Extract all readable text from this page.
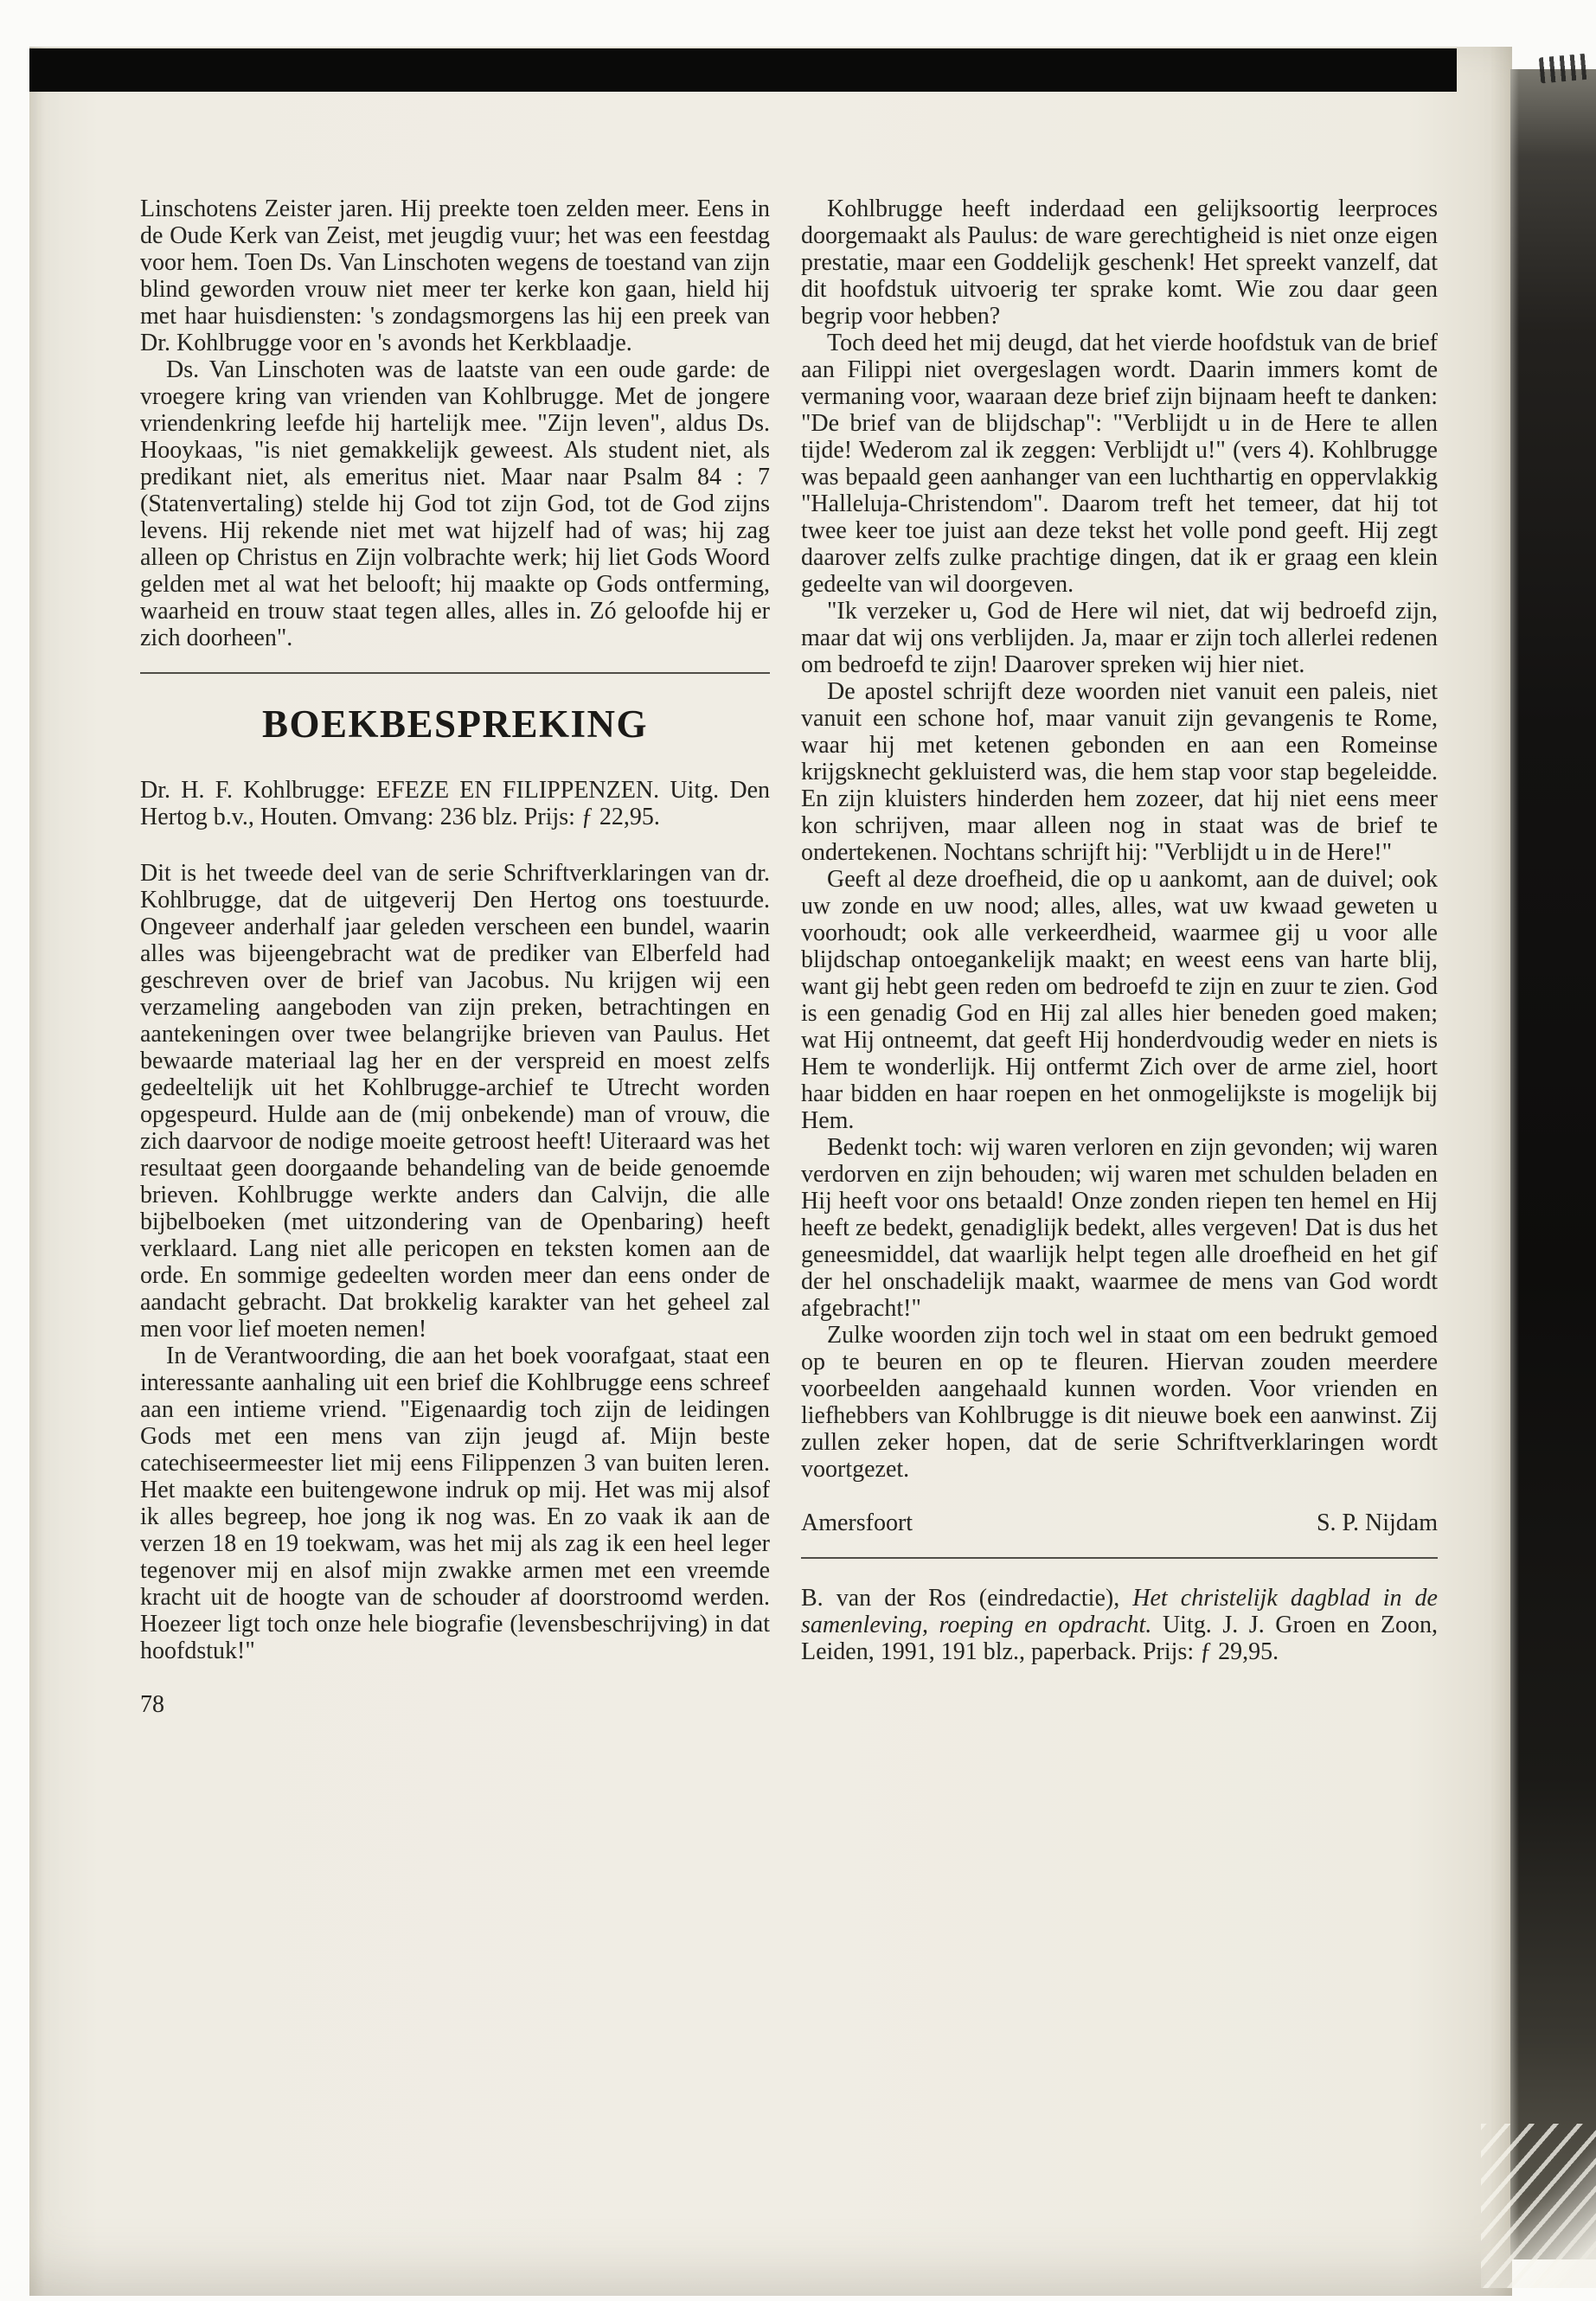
Linschotens Zeister jaren. Hij preekte toen zelden meer. Eens in de Oude Kerk van Zeist, met jeugdig vuur; het was een feestdag voor hem. Toen Ds. Van Linschoten wegens de toestand van zijn blind geworden vrouw niet meer ter kerke kon gaan, hield hij met haar huisdiensten: 's zondagsmorgens las hij een preek van Dr. Kohlbrugge voor en 's avonds het Kerkblaadje.

Ds. Van Linschoten was de laatste van een oude garde: de vroegere kring van vrienden van Kohlbrugge. Met de jongere vriendenkring leefde hij hartelijk mee. "Zijn leven", aldus Ds. Hooykaas, "is niet gemakkelijk geweest. Als student niet, als predikant niet, als emeritus niet. Maar naar Psalm 84 : 7 (Statenvertaling) stelde hij God tot zijn God, tot de God zijns levens. Hij rekende niet met wat hijzelf had of was; hij zag alleen op Christus en Zijn volbrachte werk; hij liet Gods Woord gelden met al wat het belooft; hij maakte op Gods ontferming, waarheid en trouw staat tegen alles, alles in. Zó geloofde hij er zich doorheen".

BOEKBESPREKING

Dr. H. F. Kohlbrugge: EFEZE EN FILIPPENZEN. Uitg. Den Hertog b.v., Houten. Omvang: 236 blz. Prijs: ƒ 22,95.

Dit is het tweede deel van de serie Schriftverklaringen van dr. Kohlbrugge, dat de uitgeverij Den Hertog ons toestuurde. Ongeveer anderhalf jaar geleden verscheen een bundel, waarin alles was bijeengebracht wat de prediker van Elberfeld had geschreven over de brief van Jacobus. Nu krijgen wij een verzameling aangeboden van zijn preken, betrachtingen en aantekeningen over twee belangrijke brieven van Paulus. Het bewaarde materiaal lag her en der verspreid en moest zelfs gedeeltelijk uit het Kohlbrugge-archief te Utrecht worden opgespeurd. Hulde aan de (mij onbekende) man of vrouw, die zich daarvoor de nodige moeite getroost heeft! Uiteraard was het resultaat geen doorgaande behandeling van de beide genoemde brieven. Kohlbrugge werkte anders dan Calvijn, die alle bijbelboeken (met uitzondering van de Openbaring) heeft verklaard. Lang niet alle pericopen en teksten komen aan de orde. En sommige gedeelten worden meer dan eens onder de aandacht gebracht. Dat brokkelig karakter van het geheel zal men voor lief moeten nemen!

In de Verantwoording, die aan het boek voorafgaat, staat een interessante aanhaling uit een brief die Kohlbrugge eens schreef aan een intieme vriend. "Eigenaardig toch zijn de leidingen Gods met een mens van zijn jeugd af. Mijn beste catechiseermeester liet mij eens Filippenzen 3 van buiten leren. Het maakte een buitengewone indruk op mij. Het was mij alsof ik alles begreep, hoe jong ik nog was. En zo vaak ik aan de verzen 18 en 19 toekwam, was het mij als zag ik een heel leger tegenover mij en alsof mijn zwakke armen met een vreemde kracht uit de hoogte van de schouder af doorstroomd werden. Hoezeer ligt toch onze hele biografie (levensbeschrijving) in dat hoofdstuk!"

78

Kohlbrugge heeft inderdaad een gelijksoortig leerproces doorgemaakt als Paulus: de ware gerechtigheid is niet onze eigen prestatie, maar een Goddelijk geschenk! Het spreekt vanzelf, dat dit hoofdstuk uitvoerig ter sprake komt. Wie zou daar geen begrip voor hebben?

Toch deed het mij deugd, dat het vierde hoofdstuk van de brief aan Filippi niet overgeslagen wordt. Daarin immers komt de vermaning voor, waaraan deze brief zijn bijnaam heeft te danken: "De brief van de blijdschap": "Verblijdt u in de Here te allen tijde! Wederom zal ik zeggen: Verblijdt u!" (vers 4). Kohlbrugge was bepaald geen aanhanger van een luchthartig en oppervlakkig "Halleluja-Christendom". Daarom treft het temeer, dat hij tot twee keer toe juist aan deze tekst het volle pond geeft. Hij zegt daarover zelfs zulke prachtige dingen, dat ik er graag een klein gedeelte van wil doorgeven.

"Ik verzeker u, God de Here wil niet, dat wij bedroefd zijn, maar dat wij ons verblijden. Ja, maar er zijn toch allerlei redenen om bedroefd te zijn! Daarover spreken wij hier niet.

De apostel schrijft deze woorden niet vanuit een paleis, niet vanuit een schone hof, maar vanuit zijn gevangenis te Rome, waar hij met ketenen gebonden en aan een Romeinse krijgsknecht gekluisterd was, die hem stap voor stap begeleidde. En zijn kluisters hinderden hem zozeer, dat hij niet eens meer kon schrijven, maar alleen nog in staat was de brief te ondertekenen. Nochtans schrijft hij: "Verblijdt u in de Here!"

Geeft al deze droefheid, die op u aankomt, aan de duivel; ook uw zonde en uw nood; alles, alles, wat uw kwaad geweten u voorhoudt; ook alle verkeerdheid, waarmee gij u voor alle blijdschap ontoegankelijk maakt; en weest eens van harte blij, want gij hebt geen reden om bedroefd te zijn en zuur te zien. God is een genadig God en Hij zal alles hier beneden goed maken; wat Hij ontneemt, dat geeft Hij honderdvoudig weder en niets is Hem te wonderlijk. Hij ontfermt Zich over de arme ziel, hoort haar bidden en haar roepen en het onmogelijkste is mogelijk bij Hem.

Bedenkt toch: wij waren verloren en zijn gevonden; wij waren verdorven en zijn behouden; wij waren met schulden beladen en Hij heeft voor ons betaald! Onze zonden riepen ten hemel en Hij heeft ze bedekt, genadiglijk bedekt, alles vergeven! Dat is dus het geneesmiddel, dat waarlijk helpt tegen alle droefheid en het gif der hel onschadelijk maakt, waarmee de mens van God wordt afgebracht!"

Zulke woorden zijn toch wel in staat om een bedrukt gemoed op te beuren en op te fleuren. Hiervan zouden meerdere voorbeelden aangehaald kunnen worden. Voor vrienden en liefhebbers van Kohlbrugge is dit nieuwe boek een aanwinst. Zij zullen zeker hopen, dat de serie Schriftverklaringen wordt voortgezet.

Amersfoort	S. P. Nijdam

B. van der Ros (eindredactie), Het christelijk dagblad in de samenleving, roeping en opdracht. Uitg. J. J. Groen en Zoon, Leiden, 1991, 191 blz., paperback. Prijs: ƒ 29,95.
